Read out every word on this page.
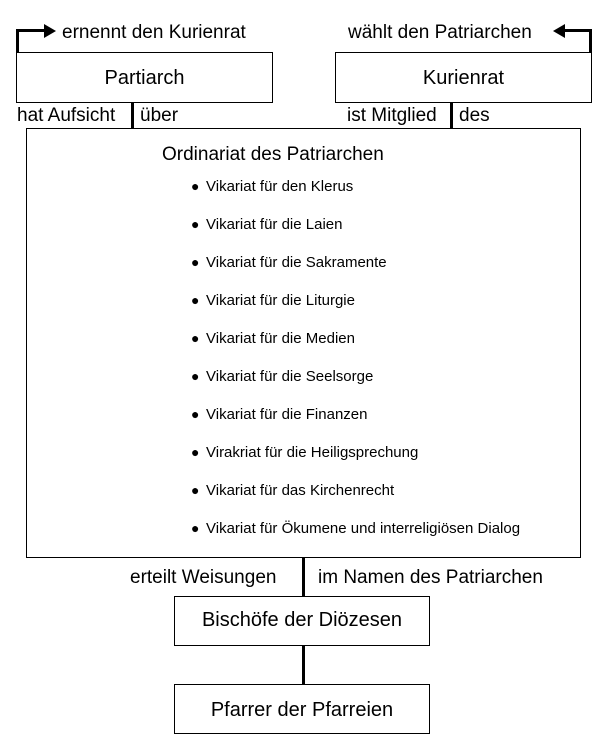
ernennt den Kurienrat	wählt den Patriarchen
Partiarch	Kurienrat
hat Aufsicht über	ist Mitglied des
Ordinariat des Patriarchen
● Vikariat für den Klerus
● Vikariat für die Laien
● Vikariat für die Sakramente
● Vikariat für die Liturgie
● Vikariat für die Medien
● Vikariat für die Seelsorge
● Vikariat für die Finanzen
● Virakriat für die Heiligsprechung
● Vikariat für das Kirchenrecht
● Vikariat für Ökumene und interreligiösen Dialog
erteilt Weisungen im Namen des Patriarchen
Bischöfe der Diözesen
Pfarrer der Pfarreien
